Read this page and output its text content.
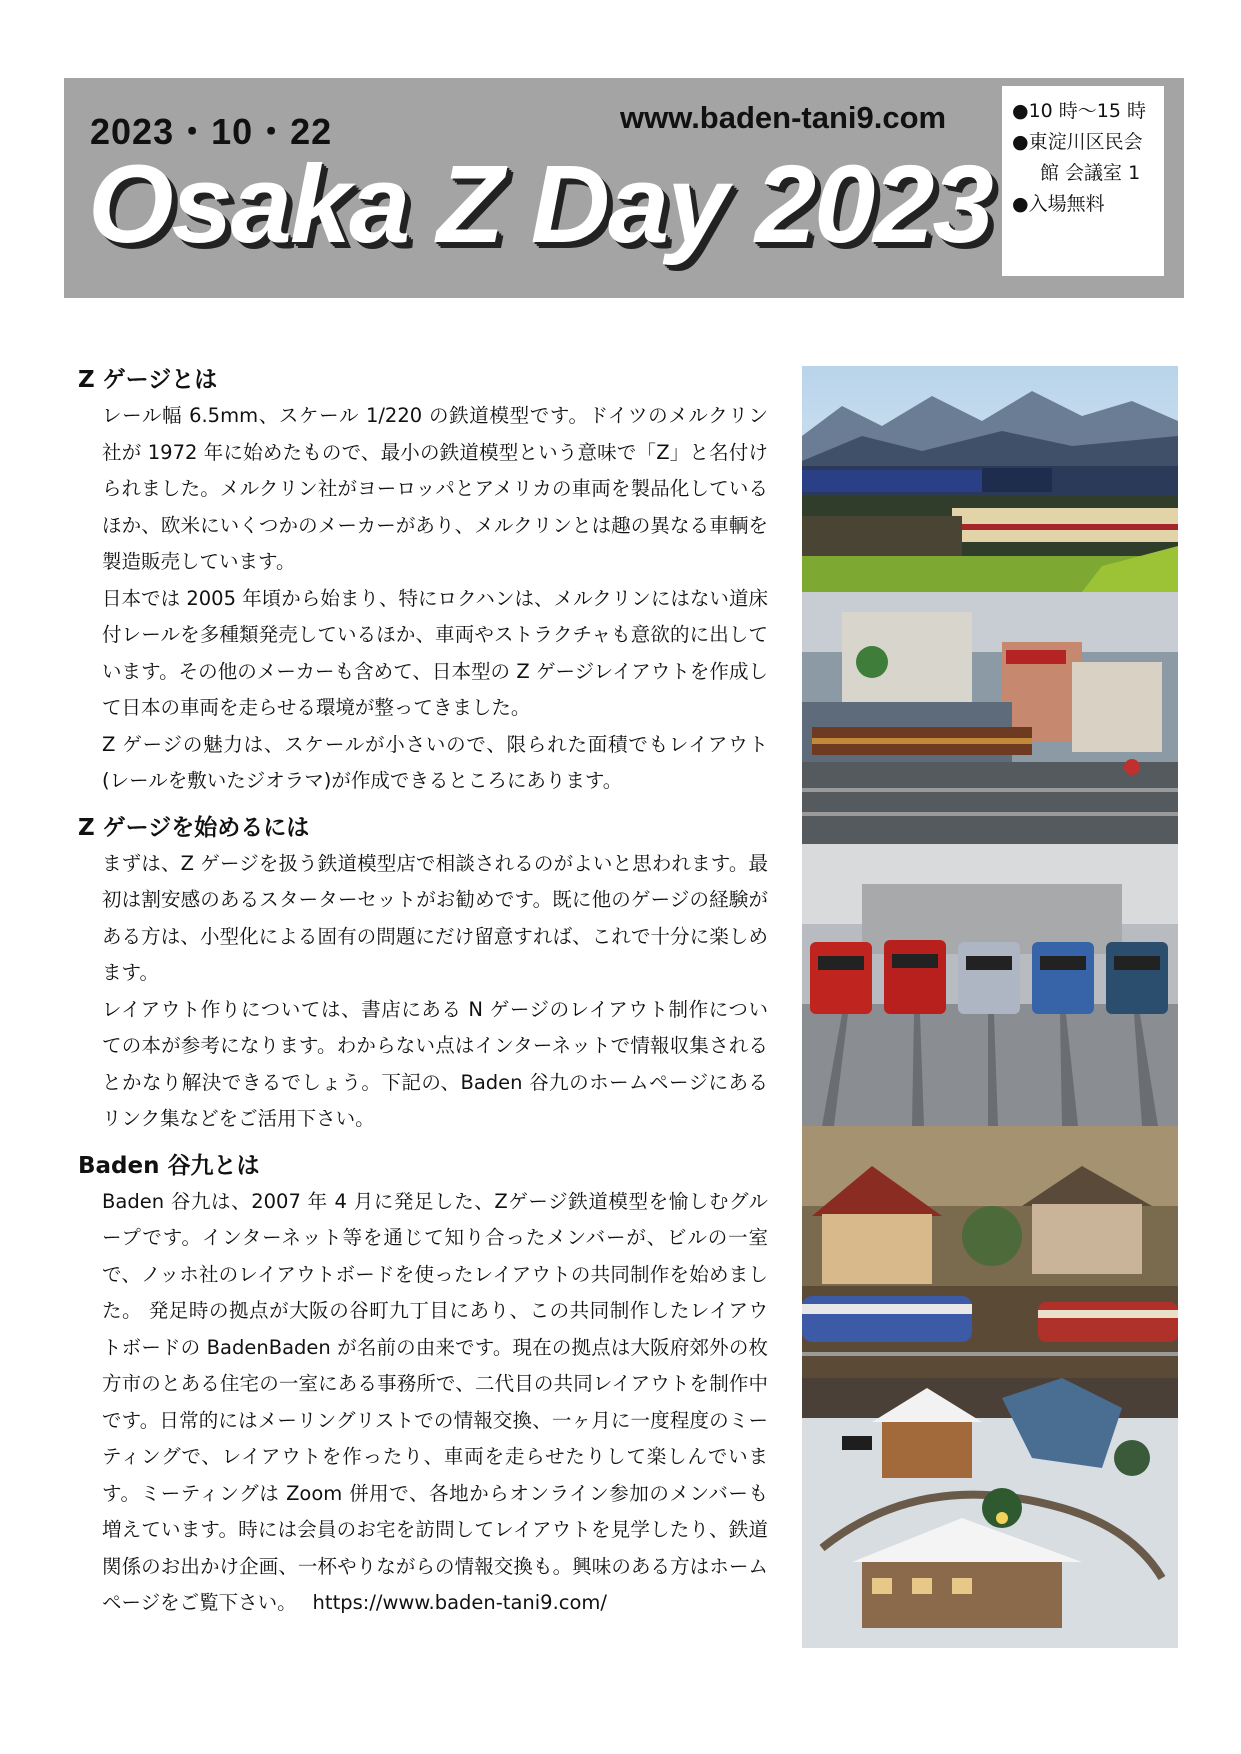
2023・10・22	www.baden-tani9.com
Osaka Z Day 2023
●10 時～15 時
●東淀川区民会
館 会議室 1
●入場無料
Z ゲージとは

レール幅 6.5mm、スケール 1/220 の鉄道模型です。ドイツのメルクリン社が 1972 年に始めたもので、最小の鉄道模型という意味で「Z」と名付けられました。メルクリン社がヨーロッパとアメリカの車両を製品化しているほか、欧米にいくつかのメーカーがあり、メルクリンとは趣の異なる車輌を製造販売しています。

日本では 2005 年頃から始まり、特にロクハンは、メルクリンにはない道床付レールを多種類発売しているほか、車両やストラクチャも意欲的に出しています。その他のメーカーも含めて、日本型の Z ゲージレイアウトを作成して日本の車両を走らせる環境が整ってきました。

Z ゲージの魅力は、スケールが小さいので、限られた面積でもレイアウト(レールを敷いたジオラマ)が作成できるところにあります。

Z ゲージを始めるには

まずは、Z ゲージを扱う鉄道模型店で相談されるのがよいと思われます。最初は割安感のあるスターターセットがお勧めです。既に他のゲージの経験がある方は、小型化による固有の問題にだけ留意すれば、これで十分に楽しめます。

レイアウト作りについては、書店にある N ゲージのレイアウト制作についての本が参考になります。わからない点はインターネットで情報収集されるとかなり解決できるでしょう。下記の、Baden 谷九のホームページにあるリンク集などをご活用下さい。

Baden 谷九とは

Baden 谷九は、2007 年 4 月に発足した、Zゲージ鉄道模型を愉しむグループです。インターネット等を通じて知り合ったメンバーが、ビルの一室で、ノッホ社のレイアウトボードを使ったレイアウトの共同制作を始めました。 発足時の拠点が大阪の谷町九丁目にあり、この共同制作したレイアウトボードの BadenBaden が名前の由来です。現在の拠点は大阪府郊外の枚方市のとある住宅の一室にある事務所で、二代目の共同レイアウトを制作中です。日常的にはメーリングリストでの情報交換、一ヶ月に一度程度のミーティングで、レイアウトを作ったり、車両を走らせたりして楽しんでいます。ミーティングは Zoom 併用で、各地からオンライン参加のメンバーも増えています。時には会員のお宅を訪問してレイアウトを見学したり、鉄道関係のお出かけ企画、一杯やりながらの情報交換も。興味のある方はホームページをご覧下さい。　 https://www.baden-tani9.com/
